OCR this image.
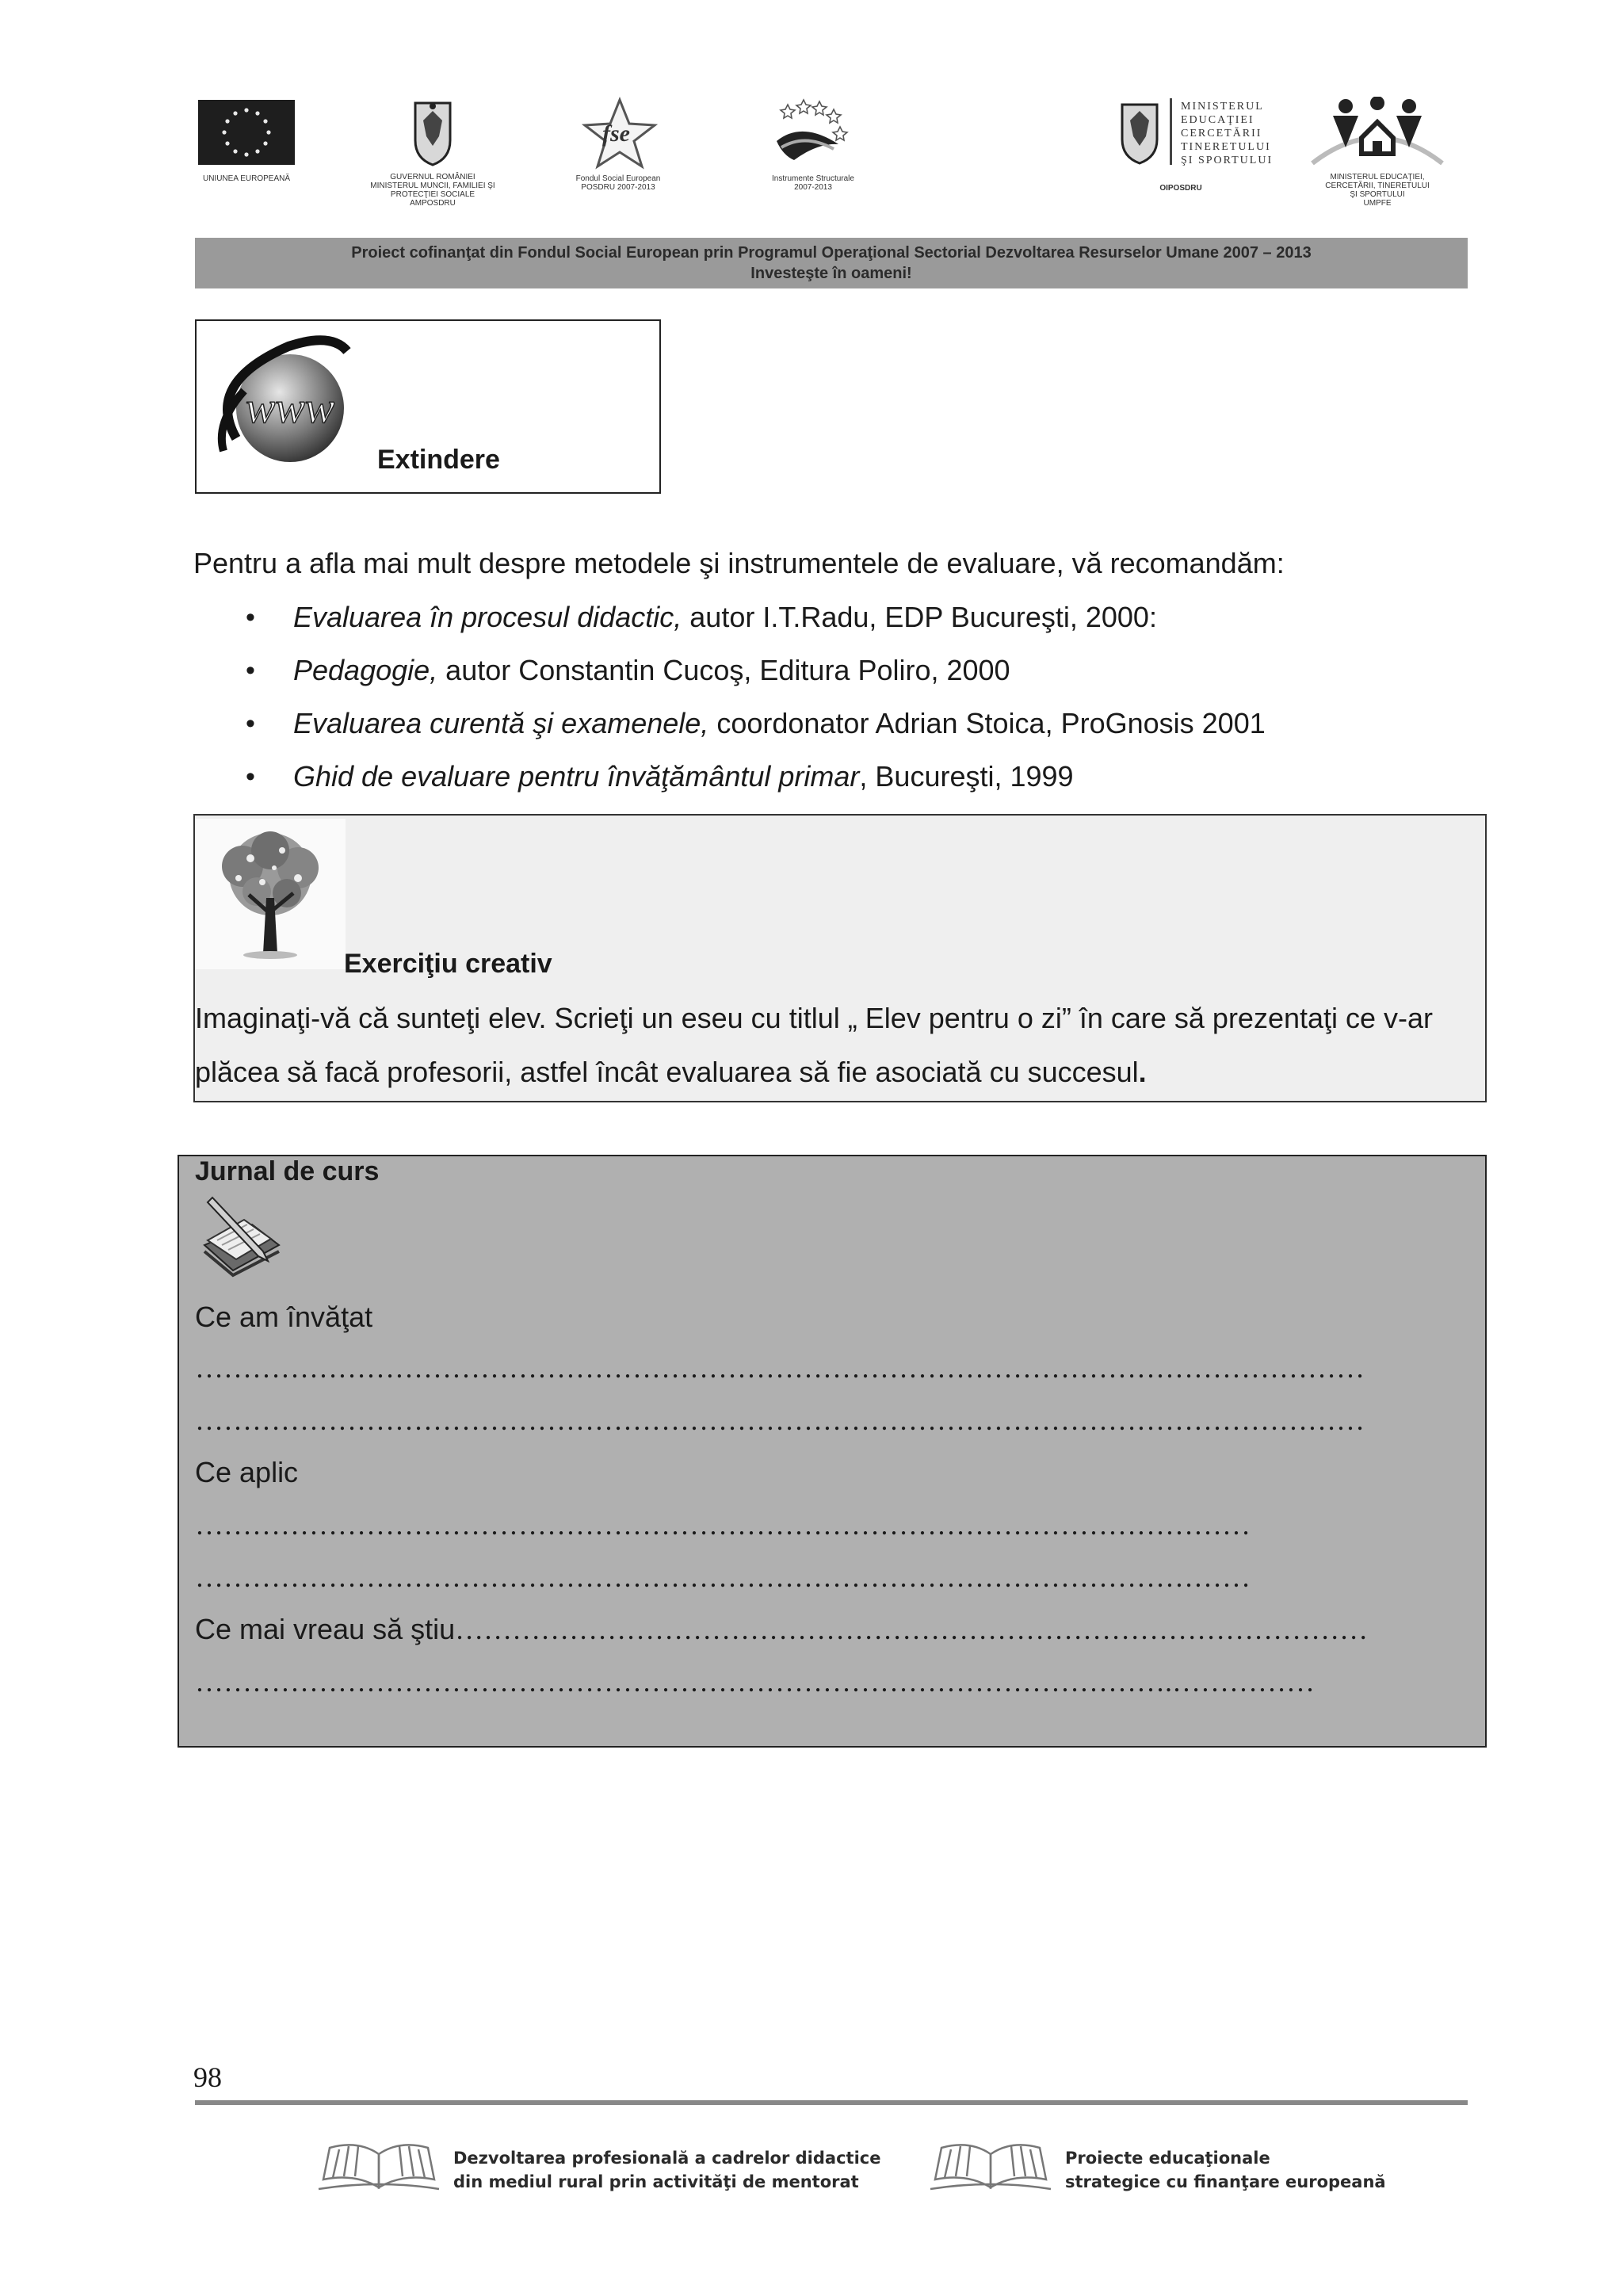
UNIUNEA EUROPEANĂ	GUVERNUL ROMÂNIEI
MINISTERUL MUNCII, FAMILIEI ŞI
PROTECŢIEI SOCIALE
AMPOSDRU
fse
Fondul Social European
POSDRU 2007-2013
Instrumente Structurale
2007-2013
MINISTERUL
EDUCAŢIEI
CERCETĂRII
TINERETULUI
ŞI SPORTULUI
OIPOSDRU
MINISTERUL EDUCAŢIEI,
CERCETĂRII, TINERETULUI
ŞI SPORTULUI
UMPFE
Proiect cofinanţat din Fondul Social European prin Programul Operaţional Sectorial Dezvoltarea Resurselor Umane 2007 – 2013
Investeşte în oameni!
www
Extindere
Pentru a afla mai mult despre metodele şi instrumentele de evaluare, vă recomandăm:
• Evaluarea în procesul didactic, autor I.T.Radu, EDP Bucureşti, 2000:
• Pedagogie, autor Constantin Cucoş, Editura Poliro, 2000
• Evaluarea curentă şi examenele, coordonator Adrian Stoica, ProGnosis 2001
• Ghid de evaluare pentru învăţământul primar, Bucureşti, 1999
Exerciţiu creativ
Imaginaţi-vă că sunteţi elev. Scrieţi un eseu cu titlul „ Elev pentru o zi” în care să prezentaţi ce v-ar plăcea să facă profesorii, astfel încât evaluarea să fie asociată cu succesul.
Jurnal de curs
Ce am învăţat
……………………………………………………………………………………………………………
……………………………………………………………………………………………………………
Ce aplic
…………………………………………………………………………………………………
…………………………………………………………………………………………………
Ce mai vreau să ştiu……………………………………………………………………………………
………………………………………………………………………………………….……………
98
Dezvoltarea profesională a cadrelor didactice
din mediul rural prin activităţi de mentorat
Proiecte educaţionale
strategice cu finanţare europeană
